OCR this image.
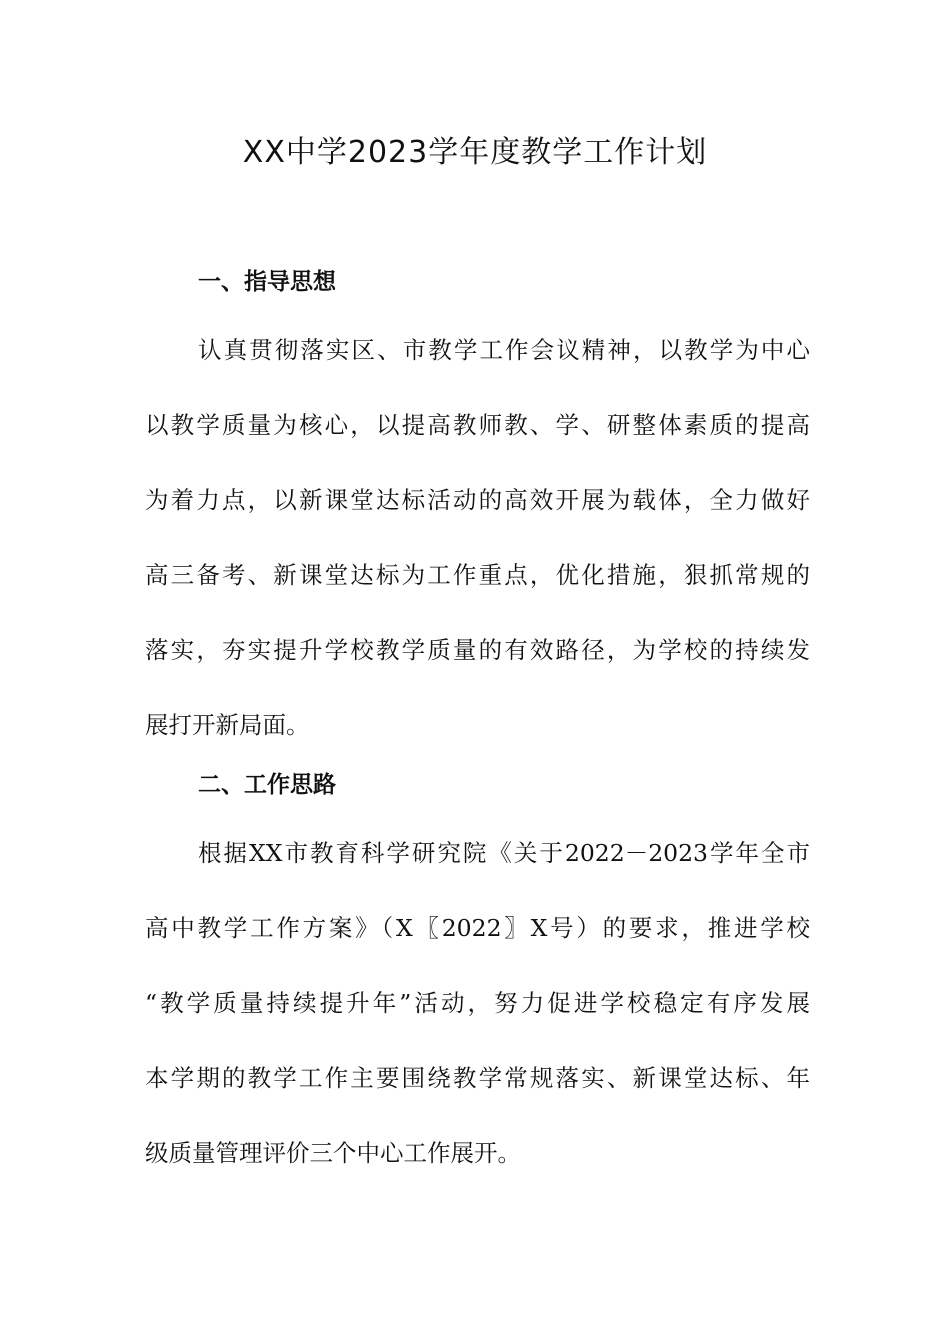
XX中学2023学年度教学工作计划
一、指导思想
认真贯彻落实区、市教学工作会议精神，以教学为中心
以教学质量为核心，以提高教师教、学、研整体素质的提高
为着力点，以新课堂达标活动的高效开展为载体，全力做好
高三备考、新课堂达标为工作重点，优化措施，狠抓常规的
落实，夯实提升学校教学质量的有效路径，为学校的持续发
展打开新局面。
二、工作思路
根据XX市教育科学研究院《关于2022－2023学年全市
高中教学工作方案》（X〖2022〗X号）的要求，推进学校
“教学质量持续提升年”活动，努力促进学校稳定有序发展
本学期的教学工作主要围绕教学常规落实、新课堂达标、年
级质量管理评价三个中心工作展开。
